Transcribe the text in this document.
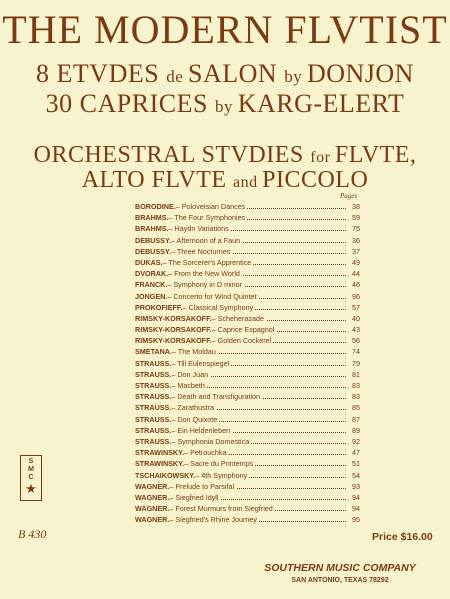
THE MODERN FLVTIST
8 ETVDES de SALON by DONJON
30 CAPRICES by KARG-ELERT
ORCHESTRAL STVDIES for FLVTE,
ALTO FLVTE and PICCOLO
Pages
BORODINE.– Polovetsian Dances	38
BRAHMS.– The Four Symphonies	59
BRAHMS.– Haydn Variations	75
DEBUSSY.– Afternoon of a Faun	36
DEBUSSY.– Three Nocturnes	37
DUKAS.– The Sorcerer's Apprentice	49
DVORAK.– From the New World	44
FRANCK.– Symphony in D minor	46
JONGEN.– Concerto for Wind Quintet	96
PROKOFIEFF.– Classical Symphony	57
RIMSKY-KORSAKOFF.– Scheherazade	40
RIMSKY-KORSAKOFF.– Caprice Espagnol	43
RIMSKY-KORSAKOFF.– Golden Cockerel	56
SMETANA.– The Moldau	74
STRAUSS.– Till Eulenspiegel	79
STRAUSS.– Don Juan	81
STRAUSS.– Macbeth	83
STRAUSS.– Death and Transfiguration	83
STRAUSS.– Zarathustra	85
STRAUSS.– Don Quixote	87
STRAUSS.– Ein Heldenleben	89
STRAUSS.– Symphonia Domestica	92
STRAWINSKY.– Petrouchka	47
STRAWINSKY.– Sacre du Printemps	51
TSCHAIKOWSKY.– 4th Symphony	54
WAGNER.– Prelude to Parsifal	93
WAGNER.– Siegfried Idyll	94
WAGNER.– Forest Murmurs from Siegfried	94
WAGNER.– Siegfried's Rhine Journey	95
S
M
C
★
B 430	Price $16.00
SOUTHERN MUSIC COMPANY
SAN ANTONIO, TEXAS 78292
